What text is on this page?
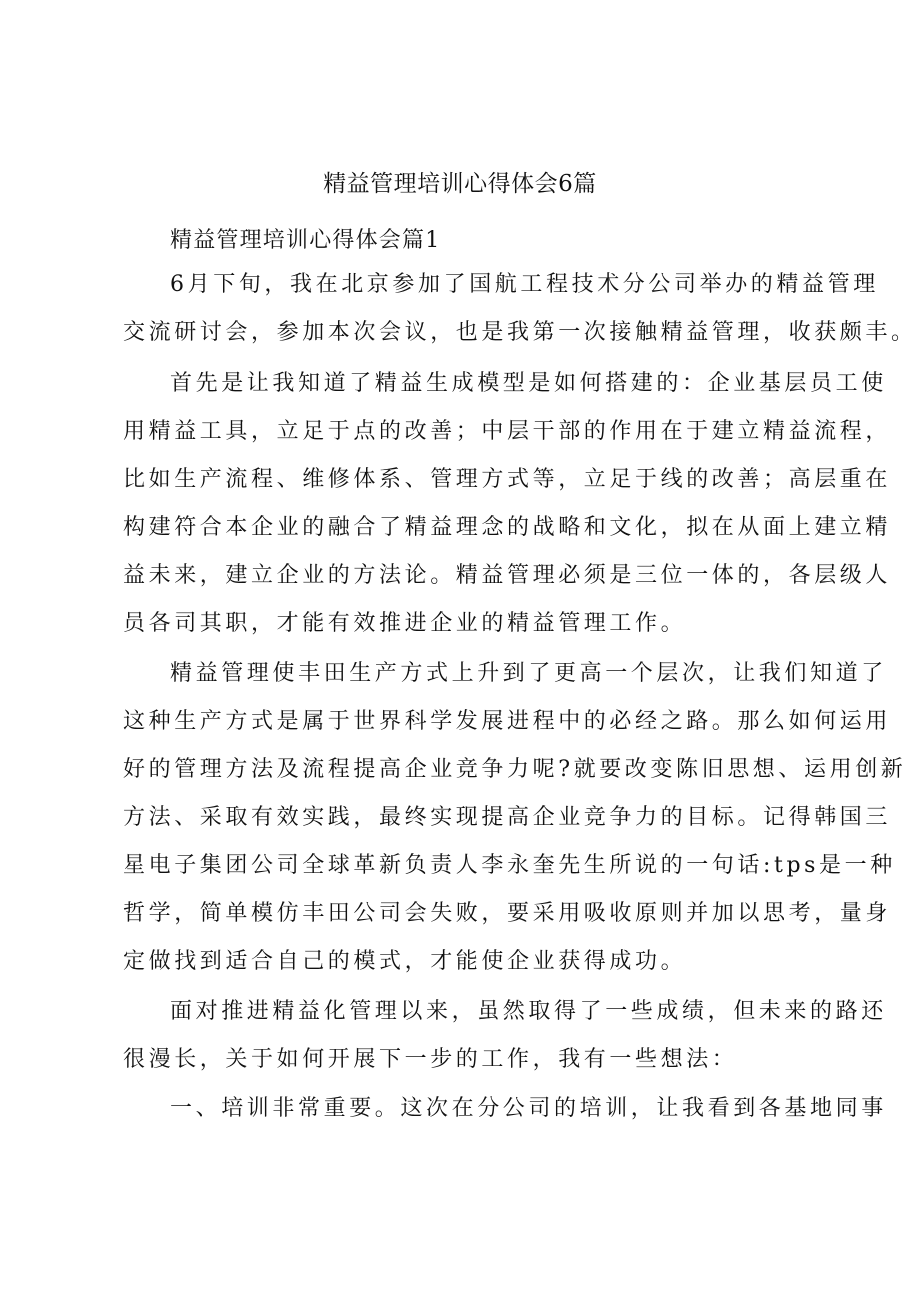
精益管理培训心得体会6篇
精益管理培训心得体会篇1
6月下旬，我在北京参加了国航工程技术分公司举办的精益管理
交流研讨会，参加本次会议，也是我第一次接触精益管理，收获颇丰。
首先是让我知道了精益生成模型是如何搭建的：企业基层员工使
用精益工具，立足于点的改善；中层干部的作用在于建立精益流程，
比如生产流程、维修体系、管理方式等，立足于线的改善；高层重在
构建符合本企业的融合了精益理念的战略和文化，拟在从面上建立精
益未来，建立企业的方法论。精益管理必须是三位一体的，各层级人
员各司其职，才能有效推进企业的精益管理工作。
精益管理使丰田生产方式上升到了更高一个层次，让我们知道了
这种生产方式是属于世界科学发展进程中的必经之路。那么如何运用
好的管理方法及流程提高企业竞争力呢?就要改变陈旧思想、运用创新
方法、采取有效实践，最终实现提高企业竞争力的目标。记得韩国三
星电子集团公司全球革新负责人李永奎先生所说的一句话:tps是一种
哲学，简单模仿丰田公司会失败，要采用吸收原则并加以思考，量身
定做找到适合自己的模式，才能使企业获得成功。
面对推进精益化管理以来，虽然取得了一些成绩，但未来的路还
很漫长，关于如何开展下一步的工作，我有一些想法：
一、培训非常重要。这次在分公司的培训，让我看到各基地同事
